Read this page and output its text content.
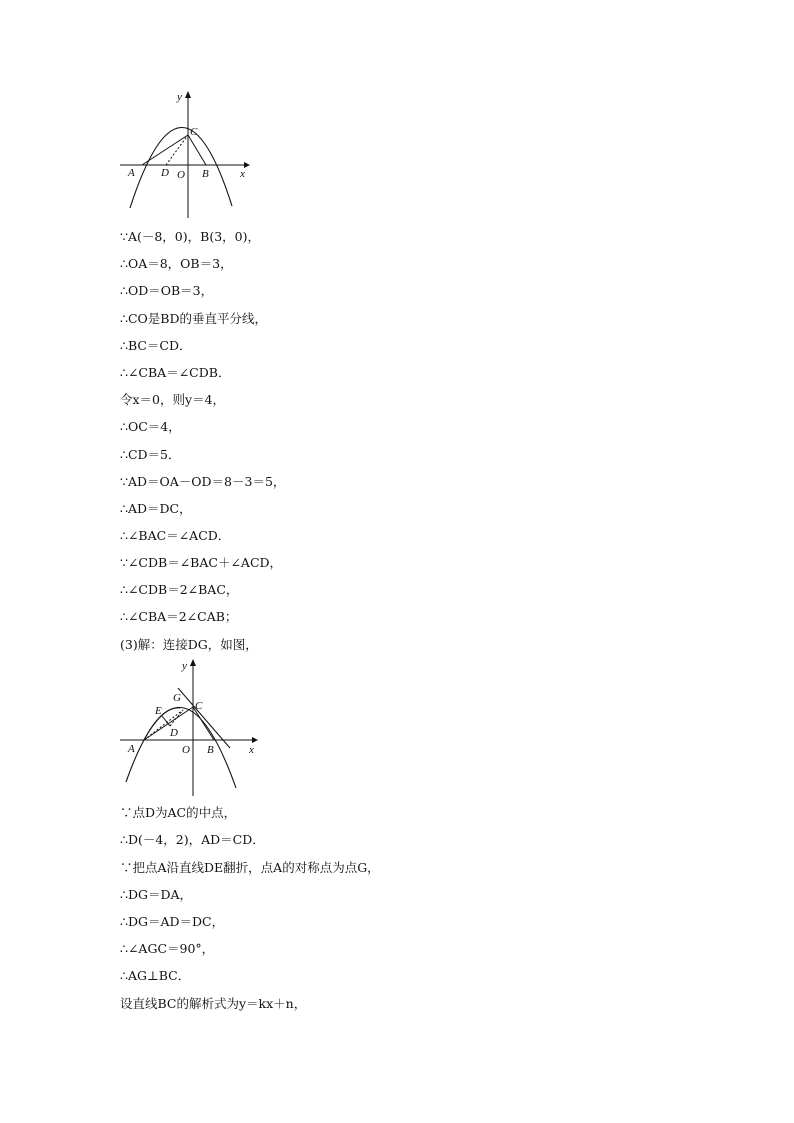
y
x
A D O B
C
∵A(－8，0)，B(3，0)，
∴OA＝8，OB＝3，
∴OD＝OB＝3，
∴CO是BD的垂直平分线，
∴BC＝CD．
∴∠CBA＝∠CDB．
令x＝0，则y＝4，
∴OC＝4，
∴CD＝5．
∵AD＝OA－OD＝8－3＝5，
∴AD＝DC，
∴∠BAC＝∠ACD．
∵∠CDB＝∠BAC＋∠ACD，
∴∠CDB＝2∠BAC，
∴∠CBA＝2∠CAB；
(3)解：连接DG，如图，
y
x
A
E
G
C
D
O B
∵点D为AC的中点，
∴D(－4，2)，AD＝CD．
∵把点A沿直线DE翻折，点A的对称点为点G，
∴DG＝DA，
∴DG＝AD＝DC，
∴∠AGC＝90°，
∴AG⊥BC．
设直线BC的解析式为y＝kx＋n，
